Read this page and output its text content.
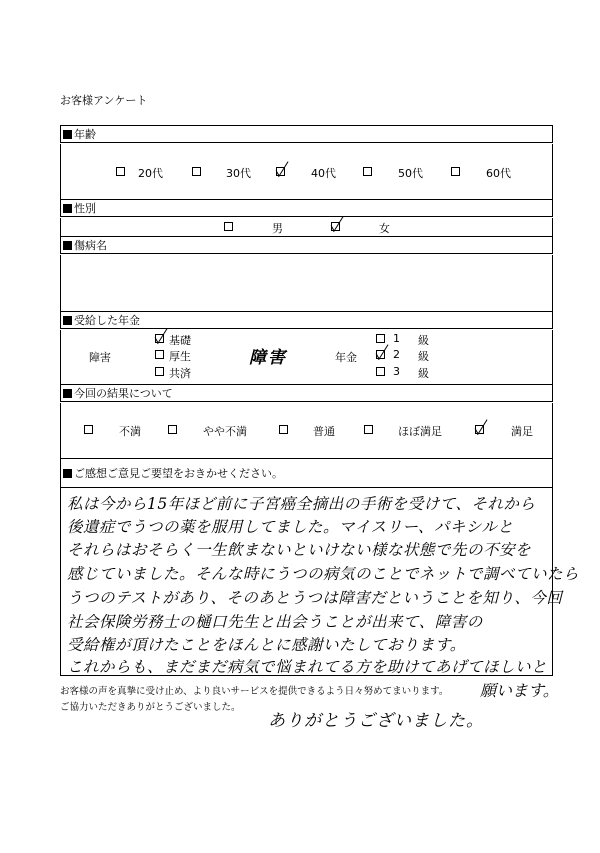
お客様アンケート
年齢
20代	30代	40代	50代	60代
性別
男	女
傷病名
受給した年金
障害
基礎
厚生
共済
障害	年金
1 級
2 級
3 級
今回の結果について
不満	やや不満	普通	ほぼ満足	満足
ご感想ご意見ご要望をおきかせください。
私は今から15年ほど前に子宮癌全摘出の手術を受けて、それから
後遺症でうつの薬を服用してました。マイスリー、パキシルと
それらはおそらく一生飲まないといけない様な状態で先の不安を
感じていました。そんな時にうつの病気のことでネットで調べていたら
うつのテストがあり、そのあとうつは障害だということを知り、今回
社会保険労務士の樋口先生と出会うことが出来て、障害の
受給権が頂けたことをほんとに感謝いたしております。
これからも、まだまだ病気で悩まれてる方を助けてあげてほしいと
お客様の声を真摯に受け止め、より良いサービスを提供できるよう日々努めてまいります。
ご協力いただきありがとうございました。
願います。
ありがとうございました。
